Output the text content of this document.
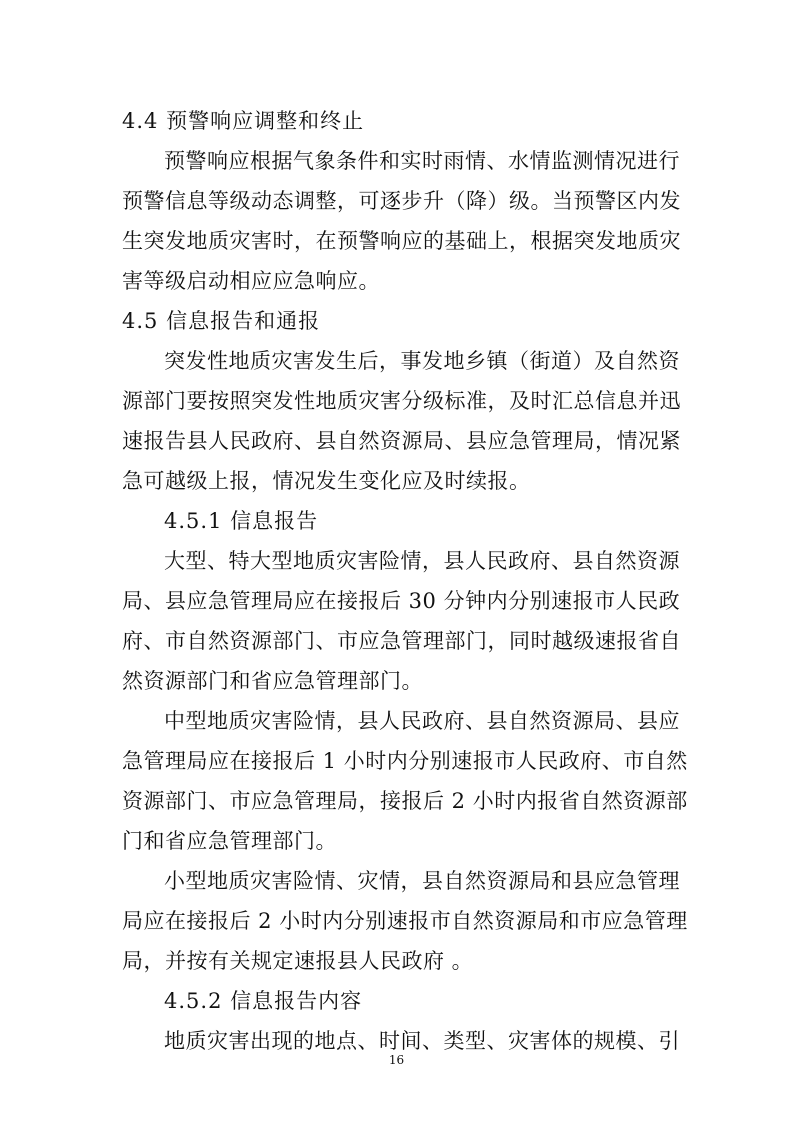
4.4 预警响应调整和终止
预警响应根据气象条件和实时雨情、水情监测情况进行
预警信息等级动态调整，可逐步升（降）级。当预警区内发
生突发地质灾害时，在预警响应的基础上，根据突发地质灾
害等级启动相应应急响应。
4.5 信息报告和通报
突发性地质灾害发生后，事发地乡镇（街道）及自然资
源部门要按照突发性地质灾害分级标准，及时汇总信息并迅
速报告县人民政府、县自然资源局、县应急管理局，情况紧
急可越级上报，情况发生变化应及时续报。
4.5.1 信息报告
大型、特大型地质灾害险情，县人民政府、县自然资源
局、县应急管理局应在接报后 30 分钟内分别速报市人民政
府、市自然资源部门、市应急管理部门，同时越级速报省自
然资源部门和省应急管理部门。
中型地质灾害险情，县人民政府、县自然资源局、县应
急管理局应在接报后 1 小时内分别速报市人民政府、市自然
资源部门、市应急管理局，接报后 2 小时内报省自然资源部
门和省应急管理部门。
小型地质灾害险情、灾情，县自然资源局和县应急管理
局应在接报后 2 小时内分别速报市自然资源局和市应急管理
局，并按有关规定速报县人民政府 。
4.5.2 信息报告内容
地质灾害出现的地点、时间、类型、灾害体的规模、引
16
